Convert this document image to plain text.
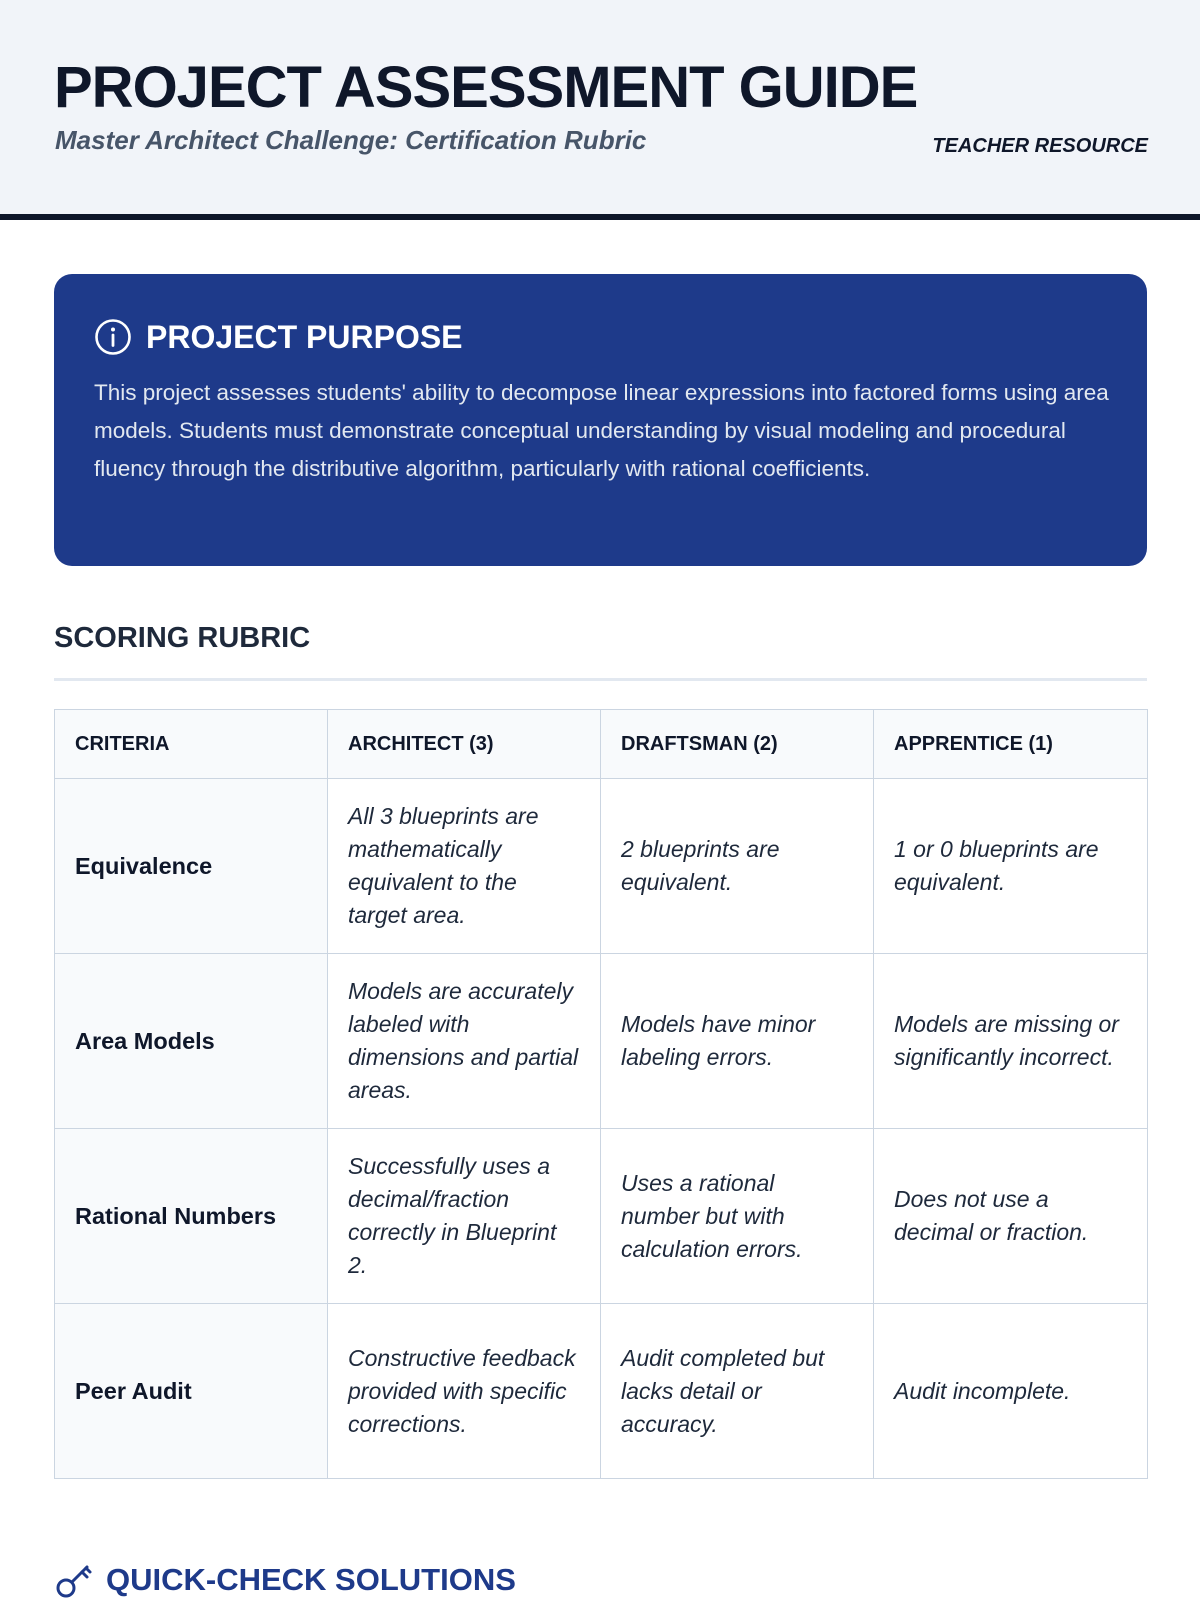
PROJECT ASSESSMENT GUIDE
Master Architect Challenge: Certification Rubric	TEACHER RESOURCE
PROJECT PURPOSE
This project assesses students' ability to decompose linear expressions into factored forms using area models. Students must demonstrate conceptual understanding by visual modeling and procedural fluency through the distributive algorithm, particularly with rational coefficients.
SCORING RUBRIC
CRITERIA	ARCHITECT (3)	DRAFTSMAN (2)	APPRENTICE (1)
Equivalence	All 3 blueprints are mathematically equivalent to the target area.	2 blueprints are equivalent.	1 or 0 blueprints are equivalent.
Area Models	Models are accurately labeled with dimensions and partial areas.	Models have minor labeling errors.	Models are missing or significantly incorrect.
Rational Numbers	Successfully uses a decimal/fraction correctly in Blueprint 2.	Uses a rational number but with calculation errors.	Does not use a decimal or fraction.
Peer Audit	Constructive feedback provided with specific corrections.	Audit completed but lacks detail or accuracy.	Audit incomplete.
QUICK-CHECK SOLUTIONS
